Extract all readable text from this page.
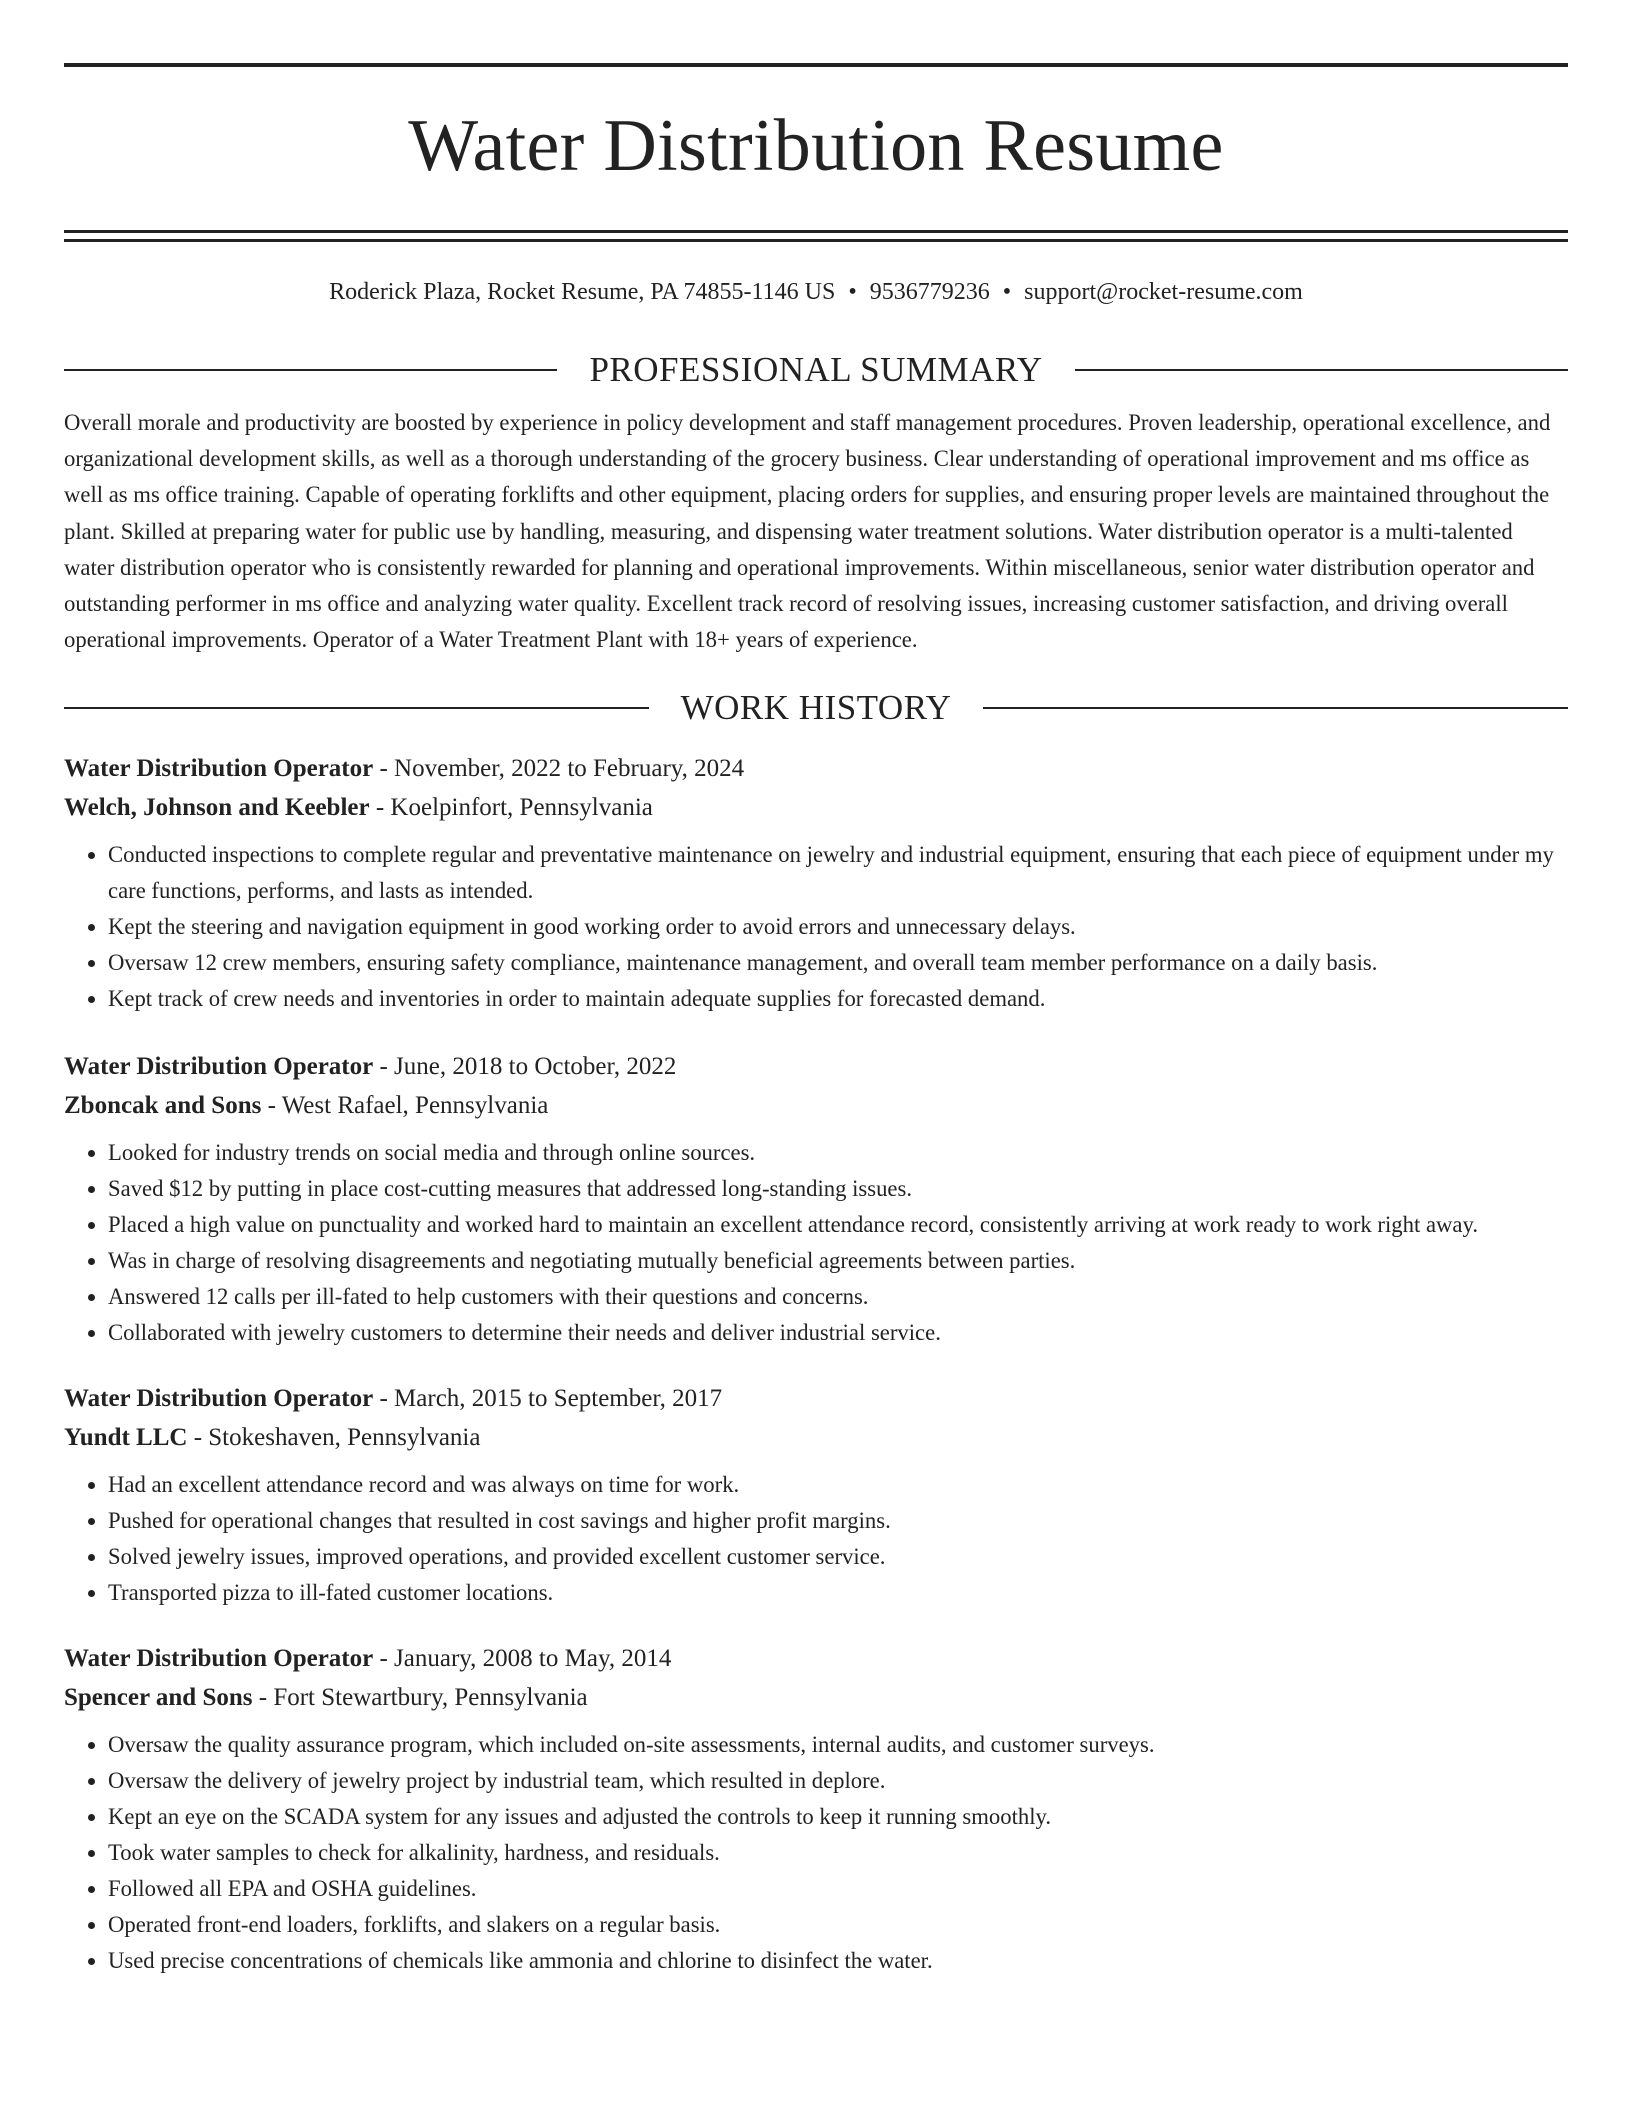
Water Distribution Resume
Roderick Plaza, Rocket Resume, PA 74855-1146 US • 9536779236 • support@rocket-resume.com
PROFESSIONAL SUMMARY
Overall morale and productivity are boosted by experience in policy development and staff management procedures. Proven leadership, operational excellence, and organizational development skills, as well as a thorough understanding of the grocery business. Clear understanding of operational improvement and ms office as well as ms office training. Capable of operating forklifts and other equipment, placing orders for supplies, and ensuring proper levels are maintained throughout the plant. Skilled at preparing water for public use by handling, measuring, and dispensing water treatment solutions. Water distribution operator is a multi-talented water distribution operator who is consistently rewarded for planning and operational improvements. Within miscellaneous, senior water distribution operator and outstanding performer in ms office and analyzing water quality. Excellent track record of resolving issues, increasing customer satisfaction, and driving overall operational improvements. Operator of a Water Treatment Plant with 18+ years of experience.
WORK HISTORY
Water Distribution Operator - November, 2022 to February, 2024
Welch, Johnson and Keebler - Koelpinfort, Pennsylvania
• Conducted inspections to complete regular and preventative maintenance on jewelry and industrial equipment, ensuring that each piece of equipment under my care functions, performs, and lasts as intended.
• Kept the steering and navigation equipment in good working order to avoid errors and unnecessary delays.
• Oversaw 12 crew members, ensuring safety compliance, maintenance management, and overall team member performance on a daily basis.
• Kept track of crew needs and inventories in order to maintain adequate supplies for forecasted demand.
Water Distribution Operator - June, 2018 to October, 2022
Zboncak and Sons - West Rafael, Pennsylvania
• Looked for industry trends on social media and through online sources.
• Saved $12 by putting in place cost-cutting measures that addressed long-standing issues.
• Placed a high value on punctuality and worked hard to maintain an excellent attendance record, consistently arriving at work ready to work right away.
• Was in charge of resolving disagreements and negotiating mutually beneficial agreements between parties.
• Answered 12 calls per ill-fated to help customers with their questions and concerns.
• Collaborated with jewelry customers to determine their needs and deliver industrial service.
Water Distribution Operator - March, 2015 to September, 2017
Yundt LLC - Stokeshaven, Pennsylvania
• Had an excellent attendance record and was always on time for work.
• Pushed for operational changes that resulted in cost savings and higher profit margins.
• Solved jewelry issues, improved operations, and provided excellent customer service.
• Transported pizza to ill-fated customer locations.
Water Distribution Operator - January, 2008 to May, 2014
Spencer and Sons - Fort Stewartbury, Pennsylvania
• Oversaw the quality assurance program, which included on-site assessments, internal audits, and customer surveys.
• Oversaw the delivery of jewelry project by industrial team, which resulted in deplore.
• Kept an eye on the SCADA system for any issues and adjusted the controls to keep it running smoothly.
• Took water samples to check for alkalinity, hardness, and residuals.
• Followed all EPA and OSHA guidelines.
• Operated front-end loaders, forklifts, and slakers on a regular basis.
• Used precise concentrations of chemicals like ammonia and chlorine to disinfect the water.
